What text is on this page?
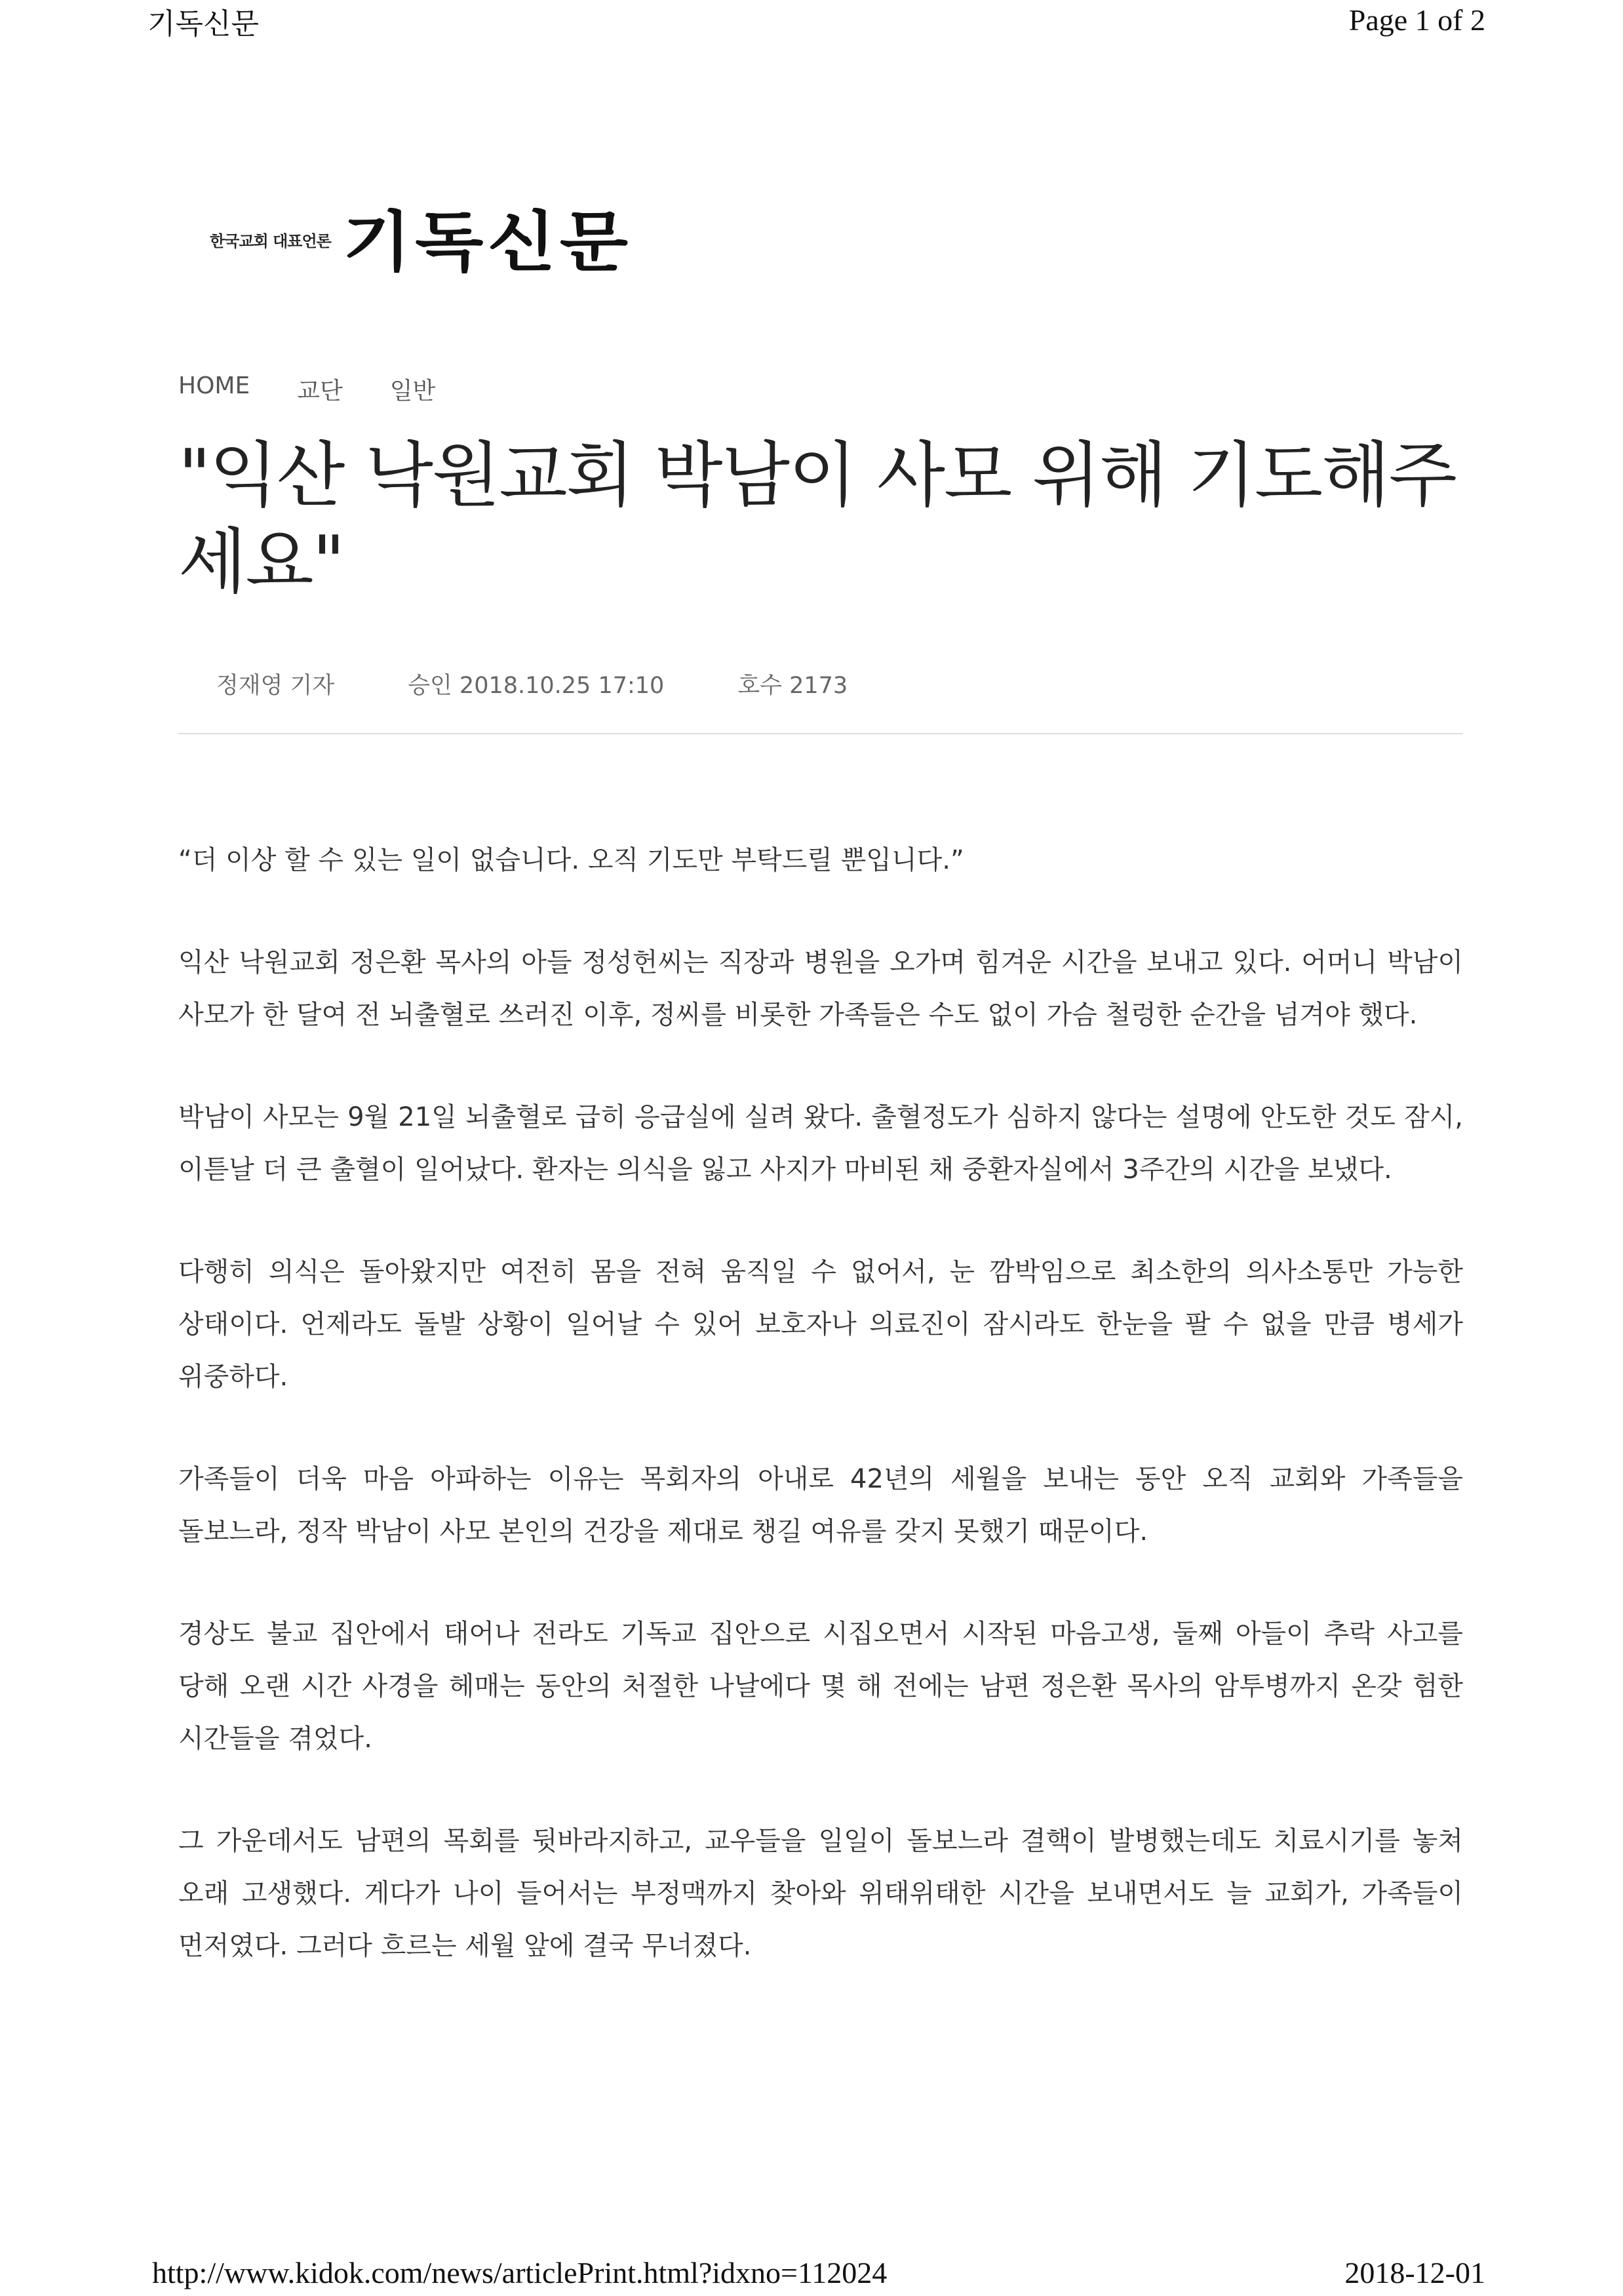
기독신문	Page 1 of 2
한국교회 대표언론 기독신문
HOME 교단 일반
"익산 낙원교회 박남이 사모 위해 기도해주세요"
정재영 기자	승인 2018.10.25 17:10	호수 2173

“더 이상 할 수 있는 일이 없습니다. 오직 기도만 부탁드릴 뿐입니다.”

익산 낙원교회 정은환 목사의 아들 정성헌씨는 직장과 병원을 오가며 힘겨운 시간을 보내고 있다. 어머니 박남이 사모가 한 달여 전 뇌출혈로 쓰러진 이후, 정씨를 비롯한 가족들은 수도 없이 가슴 철렁한 순간을 넘겨야 했다.

박남이 사모는 9월 21일 뇌출혈로 급히 응급실에 실려 왔다. 출혈정도가 심하지 않다는 설명에 안도한 것도 잠시, 이튿날 더 큰 출혈이 일어났다. 환자는 의식을 잃고 사지가 마비된 채 중환자실에서 3주간의 시간을 보냈다.

다행히 의식은 돌아왔지만 여전히 몸을 전혀 움직일 수 없어서, 눈 깜박임으로 최소한의 의사소통만 가능한 상태이다. 언제라도 돌발 상황이 일어날 수 있어 보호자나 의료진이 잠시라도 한눈을 팔 수 없을 만큼 병세가 위중하다.

가족들이 더욱 마음 아파하는 이유는 목회자의 아내로 42년의 세월을 보내는 동안 오직 교회와 가족들을 돌보느라, 정작 박남이 사모 본인의 건강을 제대로 챙길 여유를 갖지 못했기 때문이다.

경상도 불교 집안에서 태어나 전라도 기독교 집안으로 시집오면서 시작된 마음고생, 둘째 아들이 추락 사고를 당해 오랜 시간 사경을 헤매는 동안의 처절한 나날에다 몇 해 전에는 남편 정은환 목사의 암투병까지 온갖 험한 시간들을 겪었다.

그 가운데서도 남편의 목회를 뒷바라지하고, 교우들을 일일이 돌보느라 결핵이 발병했는데도 치료시기를 놓쳐 오래 고생했다. 게다가 나이 들어서는 부정맥까지 찾아와 위태위태한 시간을 보내면서도 늘 교회가, 가족들이 먼저였다. 그러다 흐르는 세월 앞에 결국 무너졌다.

http://www.kidok.com/news/articlePrint.html?idxno=112024	2018-12-01
